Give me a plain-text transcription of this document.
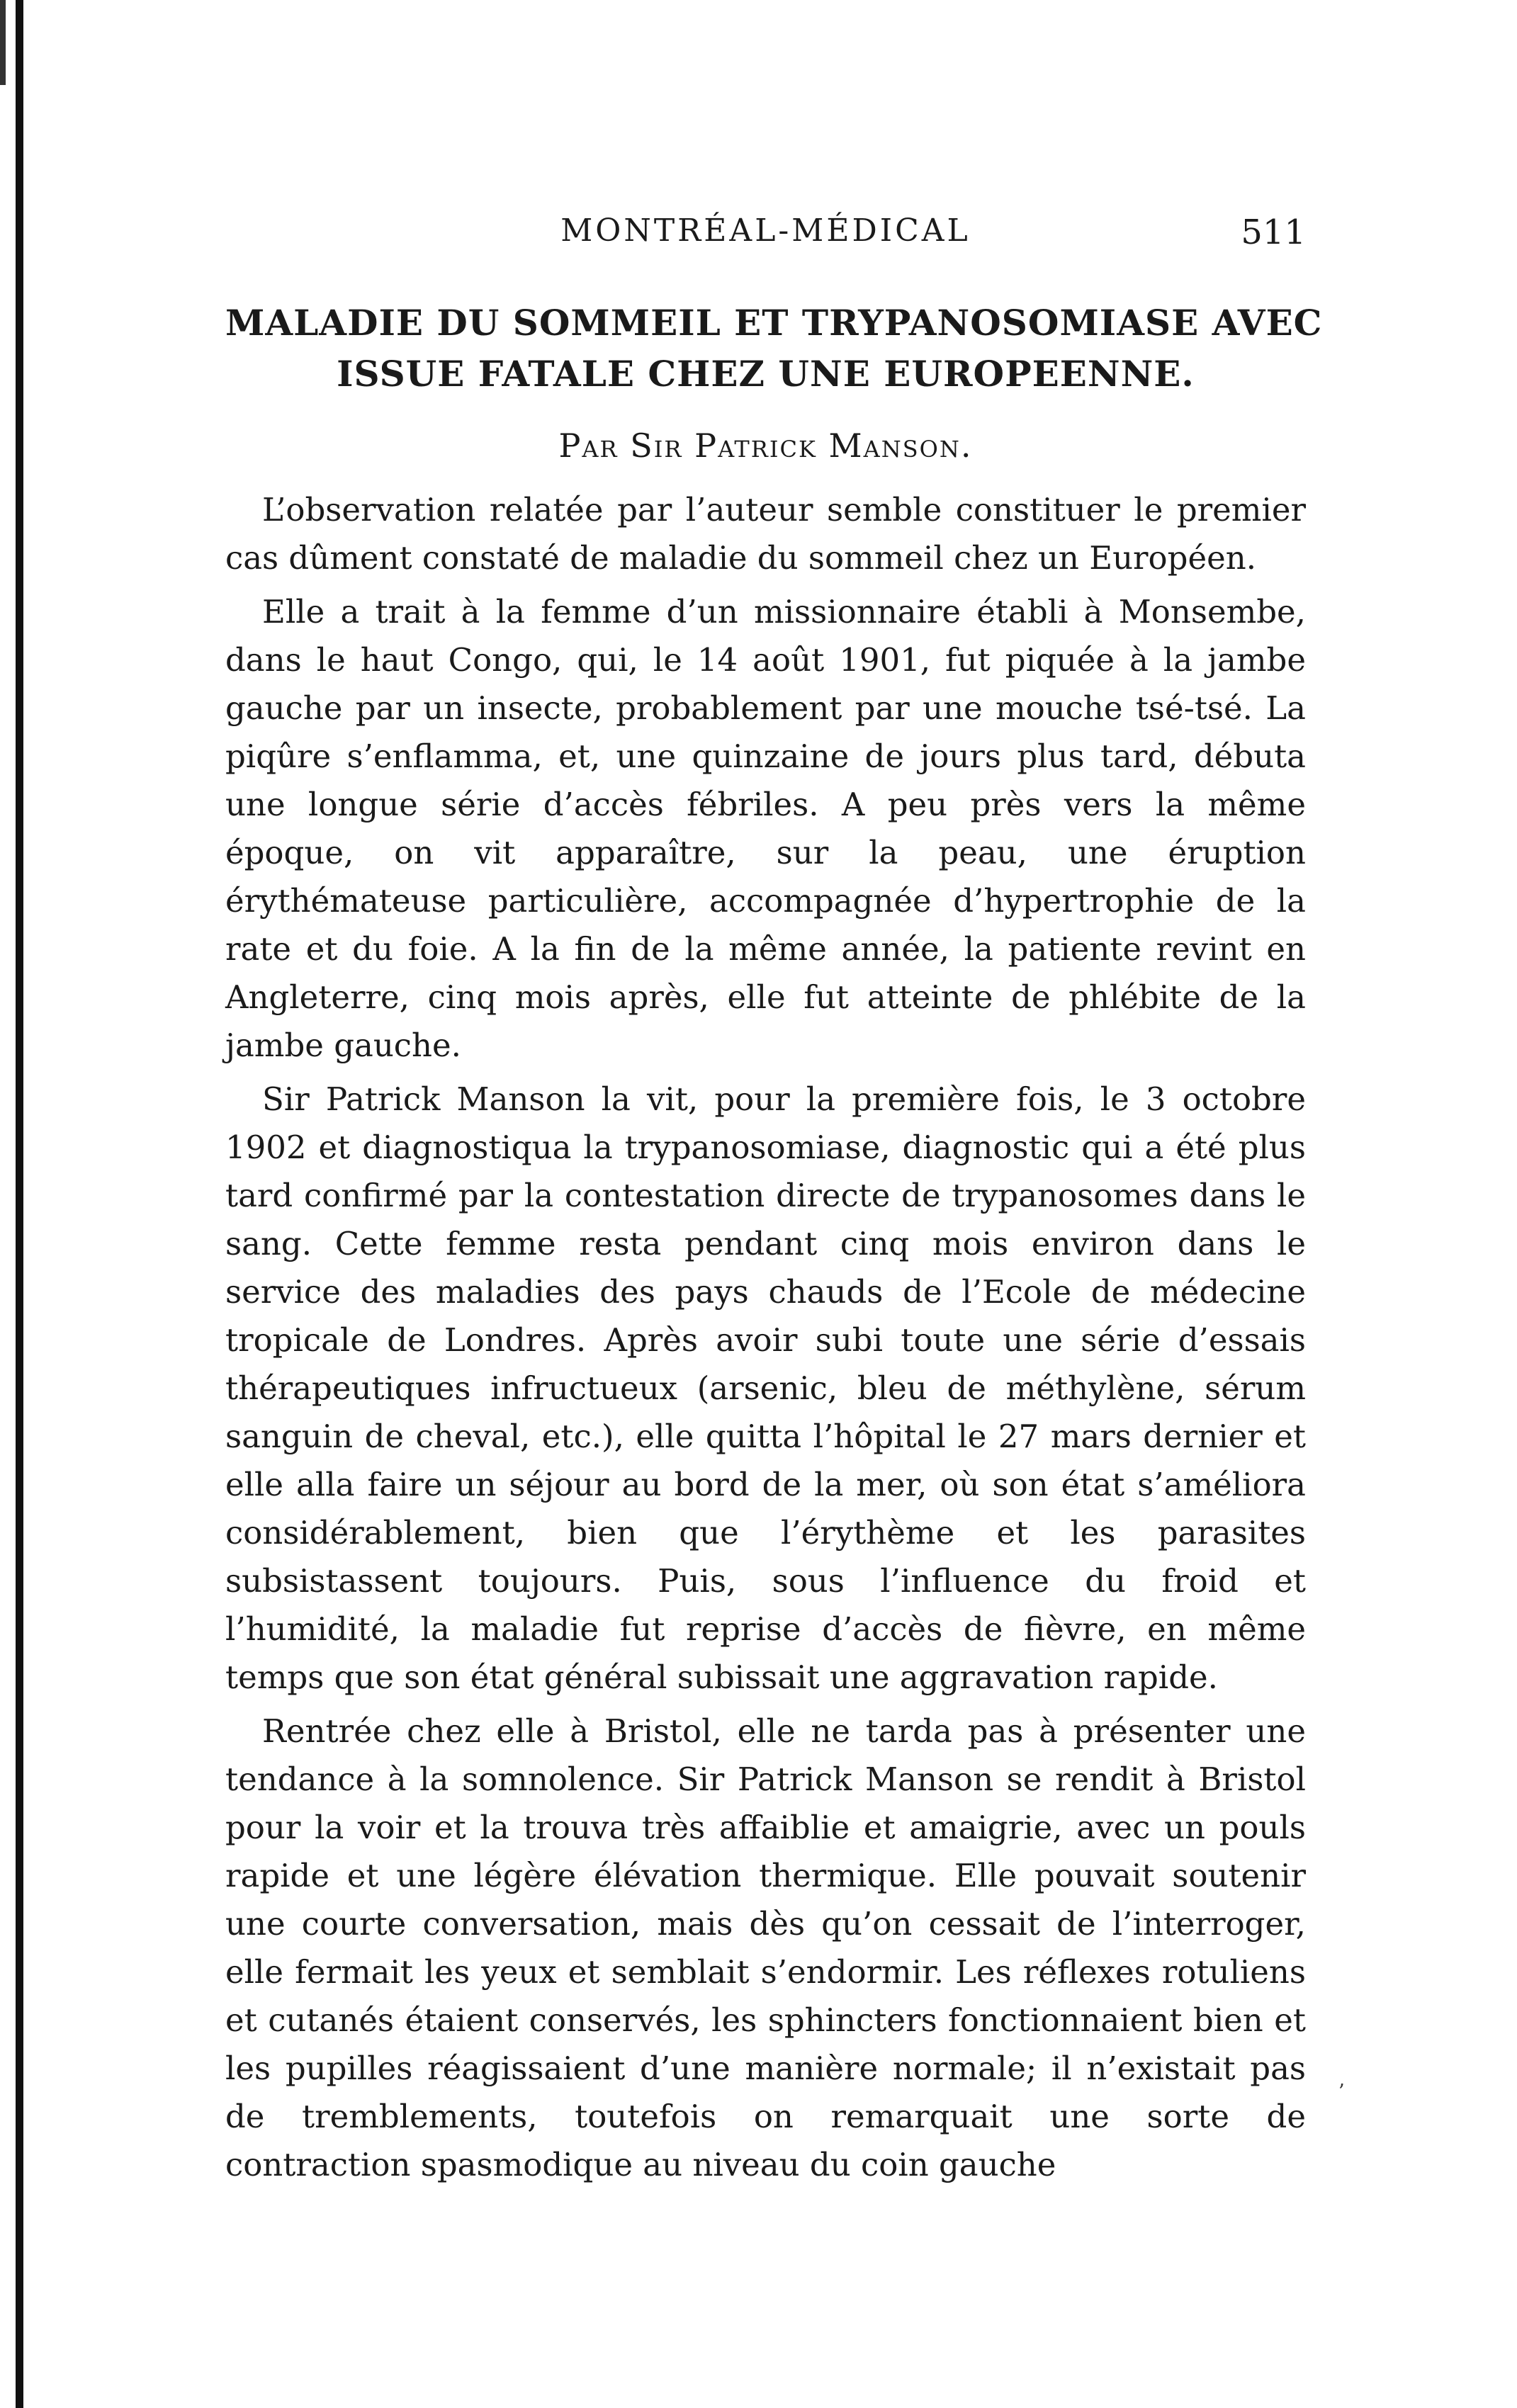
MONTRÉAL-MÉDICAL	511
MALADIE DU SOMMEIL ET TRYPANOSOMIASE AVEC
ISSUE FATALE CHEZ UNE EUROPEENNE.
Par Sir Patrick Manson.

L’observation relatée par l’auteur semble constituer le premier cas dûment constaté de maladie du sommeil chez un Européen.

Elle a trait à la femme d’un missionnaire établi à Monsembe, dans le haut Congo, qui, le 14 août 1901, fut piquée à la jambe gauche par un insecte, probablement par une mouche tsé-tsé. La piqûre s’enflamma, et, une quinzaine de jours plus tard, débuta une longue série d’accès fébriles. A peu près vers la même époque, on vit apparaître, sur la peau, une éruption érythémateuse particulière, accompagnée d’hypertrophie de la rate et du foie. A la fin de la même année, la patiente revint en Angleterre, cinq mois après, elle fut atteinte de phlébite de la jambe gauche.

Sir Patrick Manson la vit, pour la première fois, le 3 octobre 1902 et diagnostiqua la trypanosomiase, diagnostic qui a été plus tard confirmé par la contestation directe de trypanosomes dans le sang. Cette femme resta pendant cinq mois environ dans le service des maladies des pays chauds de l’Ecole de médecine tropicale de Londres. Après avoir subi toute une série d’essais thérapeutiques infructueux (arsenic, bleu de méthylène, sérum sanguin de cheval, etc.), elle quitta l’hôpital le 27 mars dernier et elle alla faire un séjour au bord de la mer, où son état s’améliora considérablement, bien que l’érythème et les parasites subsistassent toujours. Puis, sous l’influence du froid et l’humidité, la maladie fut reprise d’accès de fièvre, en même temps que son état général subissait une aggravation rapide.

Rentrée chez elle à Bristol, elle ne tarda pas à présenter une tendance à la somnolence. Sir Patrick Manson se rendit à Bristol pour la voir et la trouva très affaiblie et amaigrie, avec un pouls rapide et une légère élévation thermique. Elle pouvait soutenir une courte conversation, mais dès qu’on cessait de l’interroger, elle fermait les yeux et semblait s’endormir. Les réflexes rotuliens et cutanés étaient conservés, les sphincters fonctionnaient bien et les pupilles réagissaient d’une manière normale; il n’existait pas de tremblements, toutefois on remarquait une sorte de contraction spasmodique au niveau du coin gauche

ʼ
